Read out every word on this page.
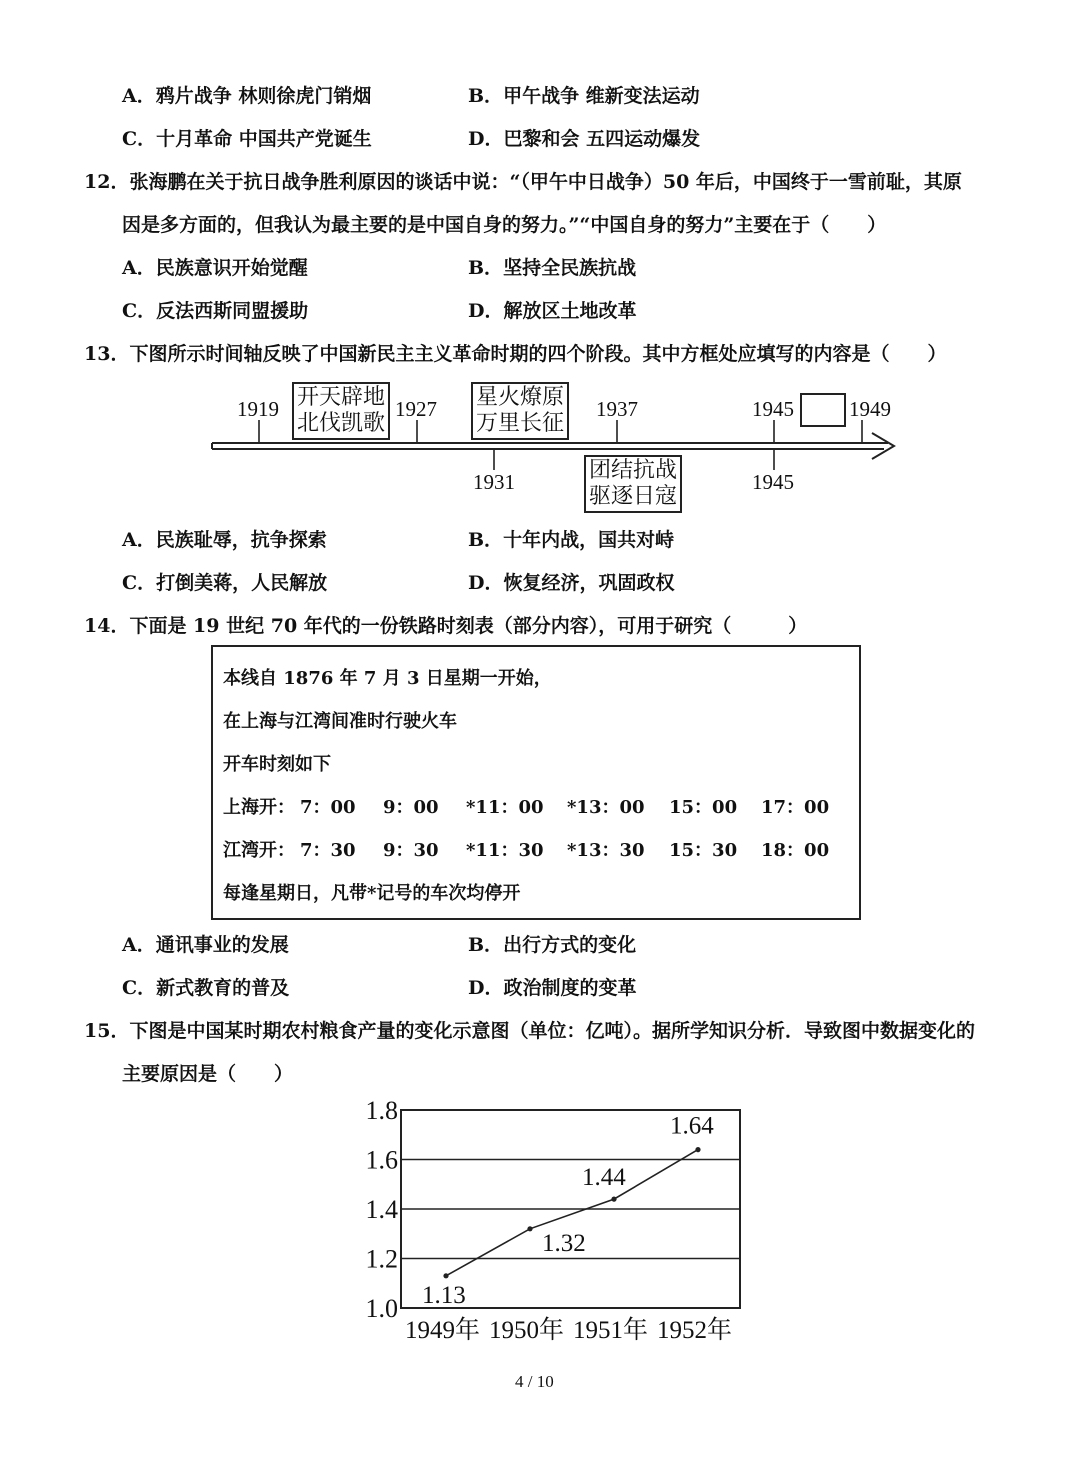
A．鸦片战争 林则徐虎门销烟	B．甲午战争 维新变法运动
C．十月革命 中国共产党诞生	D．巴黎和会 五四运动爆发
12．张海鹏在关于抗日战争胜利原因的谈话中说：“（甲午中日战争）50 年后，中国终于一雪前耻，其原
因是多方面的，但我认为最主要的是中国自身的努力。”“中国自身的努力”主要在于（　　）
A．民族意识开始觉醒	B．坚持全民族抗战
C．反法西斯同盟援助	D．解放区土地改革
13．下图所示时间轴反映了中国新民主主义革命时期的四个阶段。其中方框处应填写的内容是（　　）
1919	1927	1937	1945	1949
1931	1945
开天辟地
北伐凯歌
星火燎原
万里长征
团结抗战
驱逐日寇
A．民族耻辱，抗争探索	B．十年内战，国共对峙
C．打倒美蒋，人民解放	D．恢复经济，巩固政权
14．下面是 19 世纪 70 年代的一份铁路时刻表（部分内容），可用于研究（　　　）
本线自 1876 年 7 月 3 日星期一开始，
在上海与江湾间准时行驶火车
开车时刻如下
上海开： 7：00 9：00 *11：00 *13：00 15：00 17：00
江湾开： 7：30 9：30 *11：30 *13：30 15：30 18：00
每逢星期日，凡带*记号的车次均停开
A．通讯事业的发展	B．出行方式的变化
C．新式教育的普及	D．政治制度的变革
15．下图是中国某时期农村粮食产量的变化示意图（单位：亿吨）。据所学知识分析．导致图中数据变化的
主要原因是（　　）
1.0
1.2
1.4
1.6
1.8
1949年 1950年 1951年 1952年
1.13
1.32
1.44
1.64
4 / 10
